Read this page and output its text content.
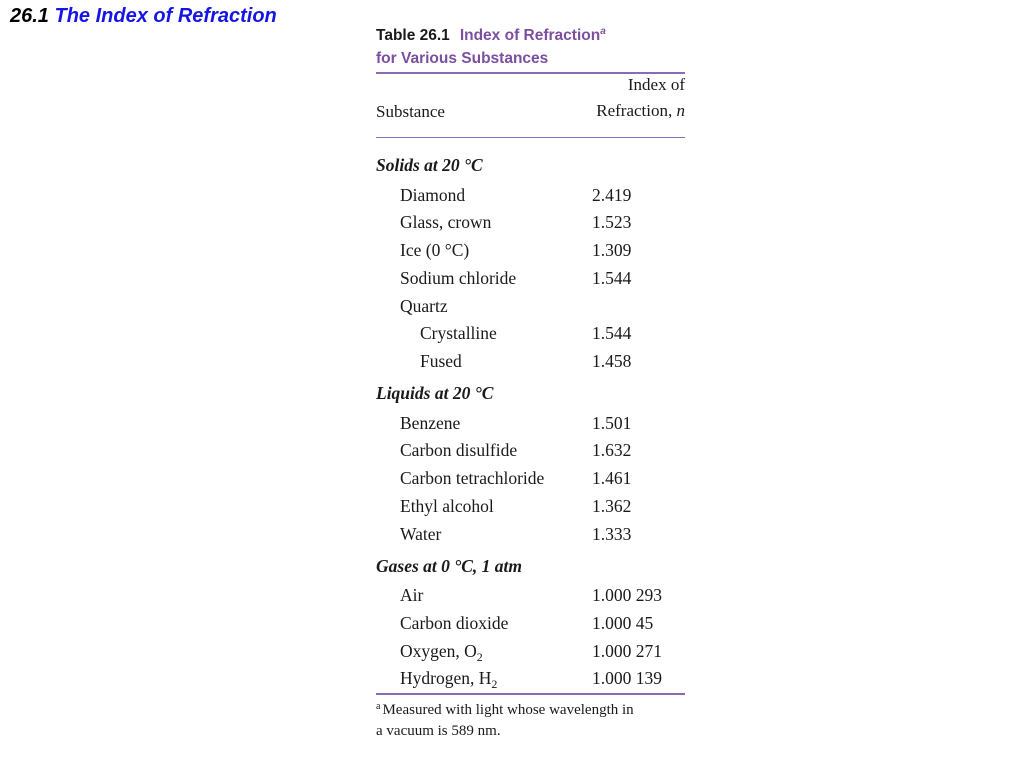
26.1 The Index of Refraction
Table 26.1 Index of Refraction$^a$
for Various Substances
Substance
Index of
Refraction, n
Solids at 20 °C
Diamond	2.419
Glass, crown	1.523
Ice (0 °C)	1.309
Sodium chloride	1.544
Quartz
Crystalline	1.544
Fused	1.458
Liquids at 20 °C
Benzene	1.501
Carbon disulfide	1.632
Carbon tetrachloride	1.461
Ethyl alcohol	1.362
Water	1.333
Gases at 0 °C, 1 atm
Air	1.000 293
Carbon dioxide	1.000 45
Oxygen, $O_2$	1.000 271
Hydrogen, $H_2$	1.000 139
$^a$ Measured with light whose wavelength in
a vacuum is 589 nm.
